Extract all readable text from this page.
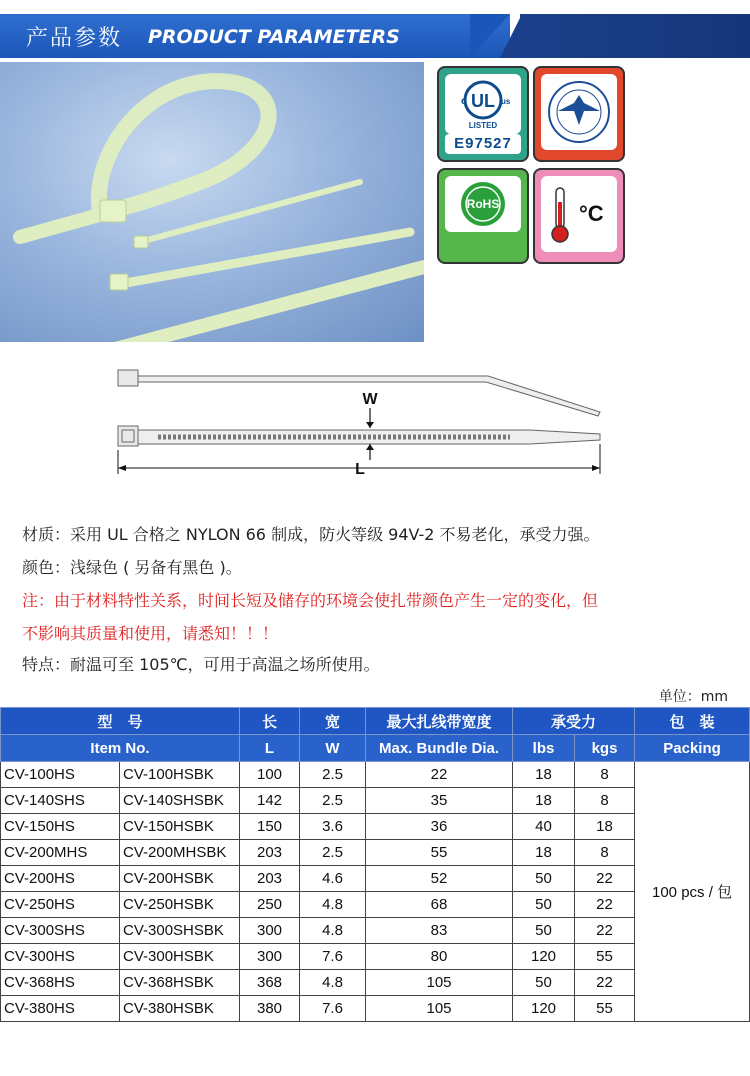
产品参数 PRODUCT PARAMETERS
UL
c	us
LISTED
E97527
RoHS	°C
W
L
材质：采用 UL 合格之 NYLON 66 制成，防火等级 94V-2 不易老化，承受力强。
颜色：浅绿色 ( 另备有黑色 )。
注：由于材料特性关系，时间长短及储存的环境会使扎带颜色产生一定的变化，但
不影响其质量和使用，请悉知！！！
特点：耐温可至 105℃，可用于高温之场所使用。
单位：mm
型　号		长	宽	最大扎线带宽度	承受力		包　装
Item No.		L	W	Max. Bundle Dia.	lbs	kgs	Packing
CV-100HS	CV-100HSBK	100	2.5	22	18	8	100 pcs / 包
CV-140SHS	CV-140SHSBK	142	2.5	35	18	8	
CV-150HS	CV-150HSBK	150	3.6	36	40	18	
CV-200MHS	CV-200MHSBK	203	2.5	55	18	8	
CV-200HS	CV-200HSBK	203	4.6	52	50	22	
CV-250HS	CV-250HSBK	250	4.8	68	50	22	
CV-300SHS	CV-300SHSBK	300	4.8	83	50	22	
CV-300HS	CV-300HSBK	300	7.6	80	120	55	
CV-368HS	CV-368HSBK	368	4.8	105	50	22	
CV-380HS	CV-380HSBK	380	7.6	105	120	55	
